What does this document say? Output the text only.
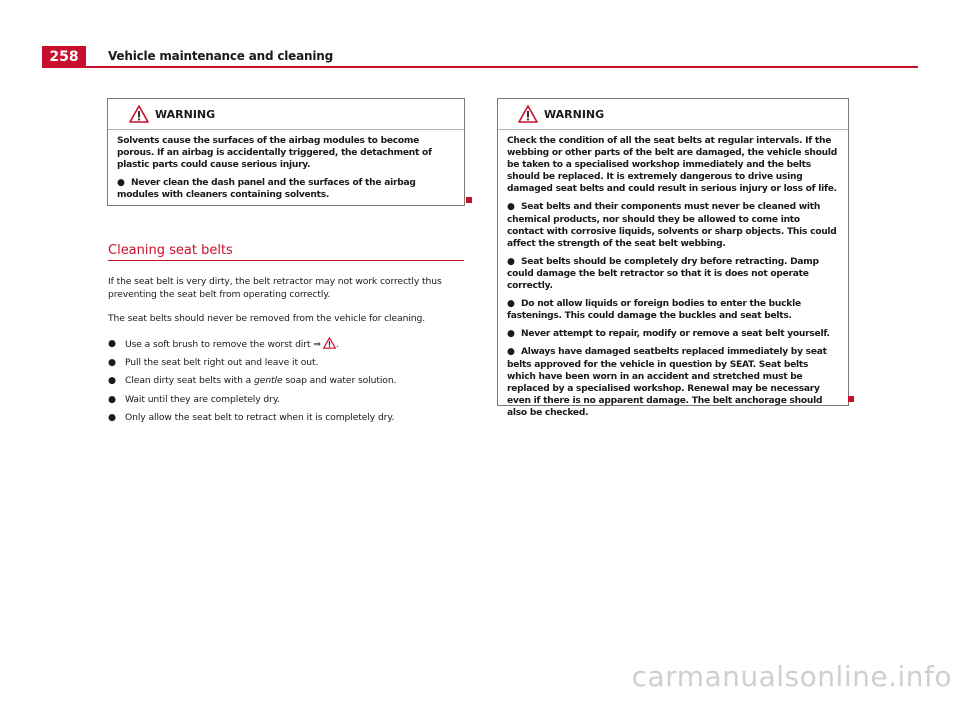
258	Vehicle maintenance and cleaning
WARNING

Solvents cause the surfaces of the airbag modules to become porous. If an airbag is accidentally triggered, the detachment of plastic parts could cause serious injury.

● Never clean the dash panel and the surfaces of the airbag modules with cleaners containing solvents.
Cleaning seat belts
If the seat belt is very dirty, the belt retractor may not work correctly thus preventing the seat belt from operating correctly.
The seat belts should never be removed from the vehicle for cleaning.
● Use a soft brush to remove the worst dirt ⇒ .
● Pull the seat belt right out and leave it out.
● Clean dirty seat belts with a gentle soap and water solution.
● Wait until they are completely dry.
● Only allow the seat belt to retract when it is completely dry.
WARNING

Check the condition of all the seat belts at regular intervals. If the webbing or other parts of the belt are damaged, the vehicle should be taken to a specialised workshop immediately and the belts should be replaced. It is extremely dangerous to drive using damaged seat belts and could result in serious injury or loss of life.

● Seat belts and their components must never be cleaned with chemical products, nor should they be allowed to come into contact with corrosive liquids, solvents or sharp objects. This could affect the strength of the seat belt webbing.
● Seat belts should be completely dry before retracting. Damp could damage the belt retractor so that it is does not operate correctly.
● Do not allow liquids or foreign bodies to enter the buckle fastenings. This could damage the buckles and seat belts.
● Never attempt to repair, modify or remove a seat belt yourself.
● Always have damaged seatbelts replaced immediately by seat belts approved for the vehicle in question by SEAT. Seat belts which have been worn in an accident and stretched must be replaced by a specialised workshop. Renewal may be necessary even if there is no apparent damage. The belt anchorage should also be checked.
carmanualsonline.info
